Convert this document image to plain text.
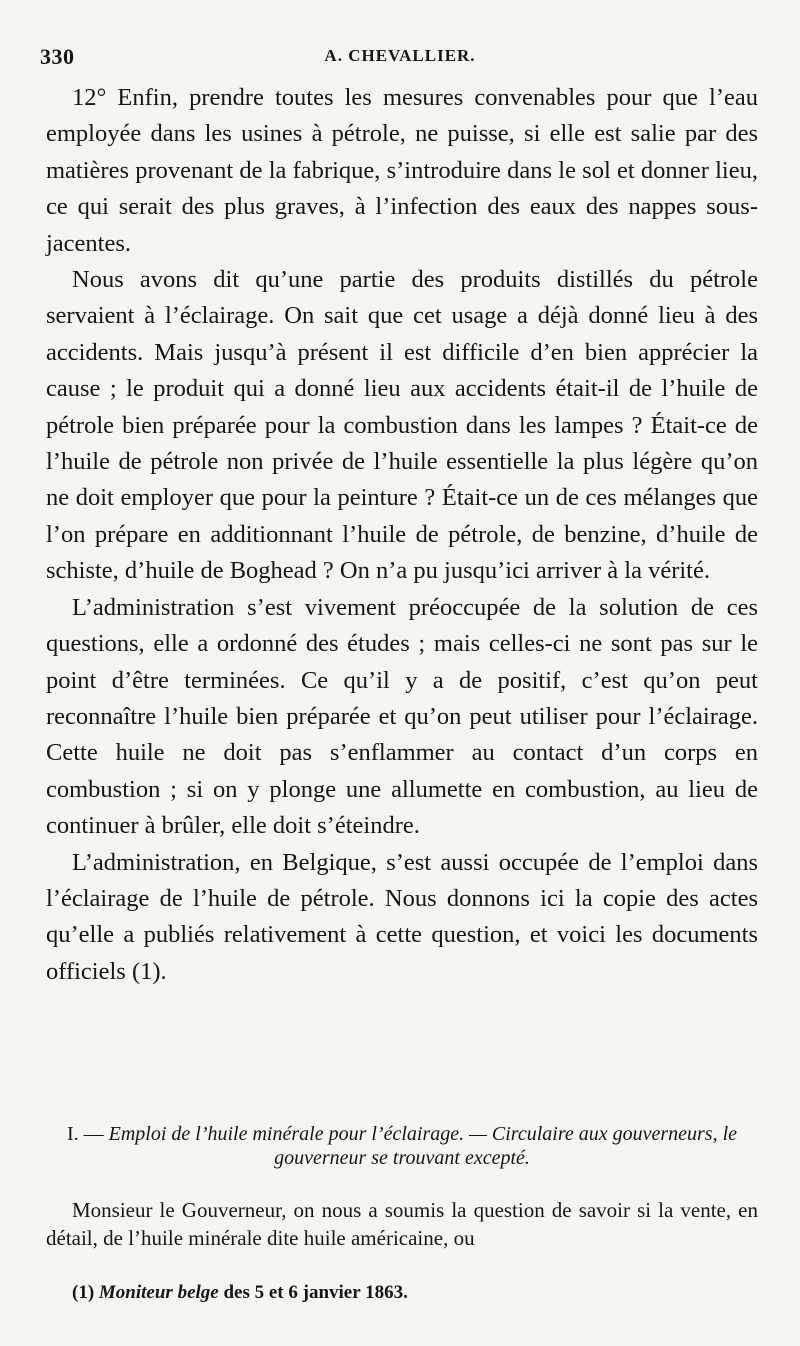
330	A. CHEVALLIER.

12° Enfin, prendre toutes les mesures convenables pour que l’eau employée dans les usines à pétrole, ne puisse, si elle est salie par des matières provenant de la fabrique, s’introduire dans le sol et donner lieu, ce qui serait des plus graves, à l’infection des eaux des nappes sous-jacentes.

Nous avons dit qu’une partie des produits distillés du pétrole servaient à l’éclairage. On sait que cet usage a déjà donné lieu à des accidents. Mais jusqu’à présent il est difficile d’en bien apprécier la cause ; le produit qui a donné lieu aux accidents était-il de l’huile de pétrole bien préparée pour la combustion dans les lampes ? Était-ce de l’huile de pétrole non privée de l’huile essentielle la plus légère qu’on ne doit employer que pour la peinture ? Était-ce un de ces mélanges que l’on prépare en additionnant l’huile de pétrole, de benzine, d’huile de schiste, d’huile de Boghead ? On n’a pu jusqu’ici arriver à la vérité.

L’administration s’est vivement préoccupée de la solution de ces questions, elle a ordonné des études ; mais celles-ci ne sont pas sur le point d’être terminées. Ce qu’il y a de positif, c’est qu’on peut reconnaître l’huile bien préparée et qu’on peut utiliser pour l’éclairage. Cette huile ne doit pas s’enflammer au contact d’un corps en combustion ; si on y plonge une allumette en combustion, au lieu de continuer à brûler, elle doit s’éteindre.

L’administration, en Belgique, s’est aussi occupée de l’emploi dans l’éclairage de l’huile de pétrole. Nous donnons ici la copie des actes qu’elle a publiés relativement à cette question, et voici les documents officiels (1).

I. — Emploi de l’huile minérale pour l’éclairage. — Circulaire aux gouverneurs, le gouverneur se trouvant excepté.

Monsieur le Gouverneur, on nous a soumis la question de savoir si la vente, en détail, de l’huile minérale dite huile américaine, ou

(1) Moniteur belge des 5 et 6 janvier 1863.
